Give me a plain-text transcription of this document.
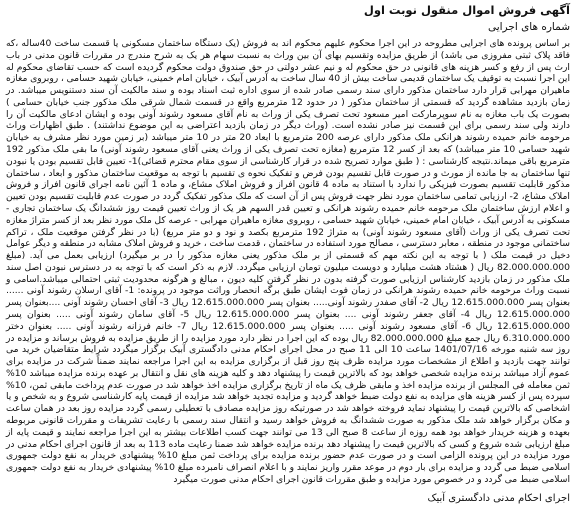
آگهی فروش اموال منقول نوبت اول
شماره های اجرایی

بر اساس پرونده های اجرایی مطروحه در این اجرا محکوم علیهم محکوم اند به فروش (یک دستگاه ساختمان مسکونی یا قسمت ساخت 40ساله ،که فاقد پلاک ثبتی مفروزی می باشد) از طریق مزایده وتقسیم بهای آن بین وراث به نسبت سهام هر یک به شرح مندرج در مقررات قانون مدنی در باب ارث پس از رفع و کسر هزینه های قانونی در حق محکوم له و نیم عشر دولتی در حق صندوق دولت محکوم گردیده است که حسب تقاضای محکوم له این اجرا نسبت به توقیف یک ساختمان قدیمی ساخت بیش از 40 سال ساخت به آدرس آبیک ، خیابان امام خمینی، خیابان شهید حسامی ، روبروی مغازه ماهیران مهرابی قرار دارد ساختمان مذکور دارای سند رسمی صادر شده از سوی اداره ثبت اسناد بوده و سند مالکیت آن سند دستنویس میباشد. در زمان بازدید مشاهده گردید که قسمتی از ساختمان مذکور ( در حدود 12 مترمربع واقع در قسمت شمال شرقی ملک مذکور جنب خیابان حسامی ) بصورت یک باب مغازه به نام سوپرمارکت امیر مسعود تحت تصرف یکی از وراث به نام آقای مسعود رشوند آونی بوده و ایشان ادعای مالکیت آن را دارند ولی سند رسمی برای این قسمت نیز صادر نشده است. (وراث دیگر در زمان بازدید اعتراضی به این موضوع نداشتند) . طبق اظهارات وراث مرحومه خانم حمیده رشوند هرانکی ملک مذکور دارای عرصه 200 مترمربع با ابعاد 20 متر در 10 متر میباشد (بر زمین مورد نظر مشرف به خیابان شهید حسامی 10 متر میباشد) که بعد از کسر 12 مترمربع (مغازه تحت تصرف یکی از وراث یعنی آقای مسعود رشوند آونی) ما بقی ملک مذکور 192 مترمربع باقی میماند.نتیجه کارشناسی : ( طبق موارد تصریح شده در قرار کارشناسی از سوی مقام محترم قضائی)1- تعیین قابل تقسیم بودن یا نبودن تنها ساختمان به جا مانده از مورث و در صورت قابل تقسیم بودن فرض و تفکیک نحوه ی تقسیم با توجه به موقعیت ساختمان مذکور و ابعاد ، ساختمان مذکور قابلیت تقسیم بصورت فیزیکی را ندارد با استناد به ماده 4 قانون افراز و فروش املاک مشاع، و ماده 1 آئین نامه اجرای قانون افراز و فروش املاک مشاع، 2- ارزیابی تمامی ساختمان مورد نظر جهت فروش پس از آن است که ملک مذکور تفکیک گردد در صورت عدم قابلیت تقسیم بودن تعیین و اعلام ارزش ساختمان ملک مرحومه خانم حمیده رشوند هرانکی و تعیین قدر السهم هر یک از وراث تعیین قیمت روز ششدانگ یک ساختمان تجاری - مسکونی به آدرس آبیک ، خیابان امام خمینی، خیابان شهید حسامی ، روبروی مغازه ماهیران مهرابی - عرصه کل ملک مورد نظر بعد از کسر متراژ مغازه تحت تصرف یکی از وراث (آقای مسعود رشوند آونی) به متراژ 192 مترمربع بکصد و نود و دو متر مربع) (با در نظر گرفتن موقعیت ملک ، تراکم ساختمانی موجود در منطقه ، معابر دسترسی ، مصالح مورد استفاده در ساختمان ، قدمت ساخت ، خرید و فروش املاک مشابه در منطقه و دیگر عوامل دخیل در قیمت ملک ( با توجه به این نکته مهم که قسمتی از بر ملک مذکور یعنی مغازه مذکور را در بر میگیرد) ارزیابی بعمل می آید. (مبلغ 82.000.000.000 ریال ( هشتاد هشت میلیارد و دویست میلیون تومان ارزیابی میگردد. لازم به ذکر است که با توجه به در دسترس نبودن اصل سند ملک مذکور در زمان بازدید کارشناس ارزیابی صورت گرفته بدون در نظر گرفتن کلیه دیون ، مبالغ و هرگونه محدودیت ثبتی احتمالی میباشد.اسامی و نسبت وراث مرحومه خانم حمیده رشوند هرانکی در زمان فوت ایشان طبق برگه انحصار وراثت موجود در پرونده: 1- آقای ارسلان رشوند آونی ...... بعنوان پسر 12.615.000.000 ریال 2- آقای صفدر رشوند آونی..... بعنوان پسر 12.615.000.000 ریال 3- آقای احسان رشوند آونی ....بعنوان پسر 12.615.000.000 ریال 4- آقای جعفر رشوند آونی .... بعنوان پسر 12.615.000.000 ریال 5- آقای سامان رشوند آونی ..... بعنوان پسر 12.615.000.000 ریال 6- آقای مسعود رشوند آونی ..... بعنوان پسر 12.615.000.000 ریال 7- خانم فرزانه رشوند آونی ..... بعنوان دختر 6.310.000.000 ریال جمع مبلغ 82.000.000.000 ریال بوده که این اجرا در نظر دارد مورد مزایده را از طریق مزایده به فروش برساند و مزایده در روز سه شنبه مورخه 1401/07/16 ساعت 10 الی 11 صبح در محل اجرای احکام مدنی دادگستری آبیک برگزار میگردد شرایط متقاضیان خرید می توانند جهت بازدید و اطلاع از مشخصات مورد مزایده ظرف پنج روز قبل از برگزاری مزایده به این اجرا مراجعه نمایند ضمناً شرکت در مزایده برای عموم آزاد میباشد برنده مزایده شخصی خواهد بود که بالاترین قیمت را پیشنهاد دهد و کلیه هزینه های نقل و انتقال بر عهده برنده مزایده میباشد 10% ثمن معامله فی المجلس از برنده مزایده اخذ و مابقی ظرف یک ماه از تاریخ برگزاری مزایده اخذ خواهد شد در صورت عدم پرداخت مابقی ثمن، 10% سپرده پس از کسر هزینه های مزایده به نفع دولت ضبط خواهد گردید و مزایده تجدید خواهد شد مزایده از قیمت پایه کارشناسی شروع و به شخص و یا اشخاصی که بالاترین قیمت را پیشنهاد نماید فروخته خواهد شد در صورتیکه روز مزایده مصادف با تعطیلی رسمی گردد مزایده روز بعد در همان ساعت و مکان برگزار خواهد شد ملک مذکور به صورت ششدانگ به فروش خواهد رسید و انتقال سند رسمی با رعایت تشریفات و مقررات قانونی مربوطه بعهده و هزینه خریدار خواهد بود همه روزه از ساعت 8 صبح الی 13 می توانند جهت کسب اطلاعات بیشتر به این اجرا مراجعه نمایند و قیمت پایه از مبلغ ارزیابی شده شروع و کسی که بالاترین قیمت را پیشنهاد دهد برنده مزایده خواهد شد ضمنا رعایت ماده 113 به بعد از قانون اجرای احکام مدنی در مورد مزایده در این پرونده الزامی است و در صورت عدم حضور برنده مزایده برای پرداخت ثمن مبلغ 10% پیشنهادی خریدار به نفع دولت جمهوری اسلامی ضبط می گردد و مزایده برای بار دوم در موعد مقرر واریز نمایند و با اعلام انصراف نامبرده مبلغ 10% پیشنهادی خریدار به نفع دولت جمهوری اسلامی ضبط می گردد و در خصوص مورد مزایده و طبق مقررات قانون اجرای احکام مدنی صورت میگیرد

اجرای احکام مدنی دادگستری آبیک
